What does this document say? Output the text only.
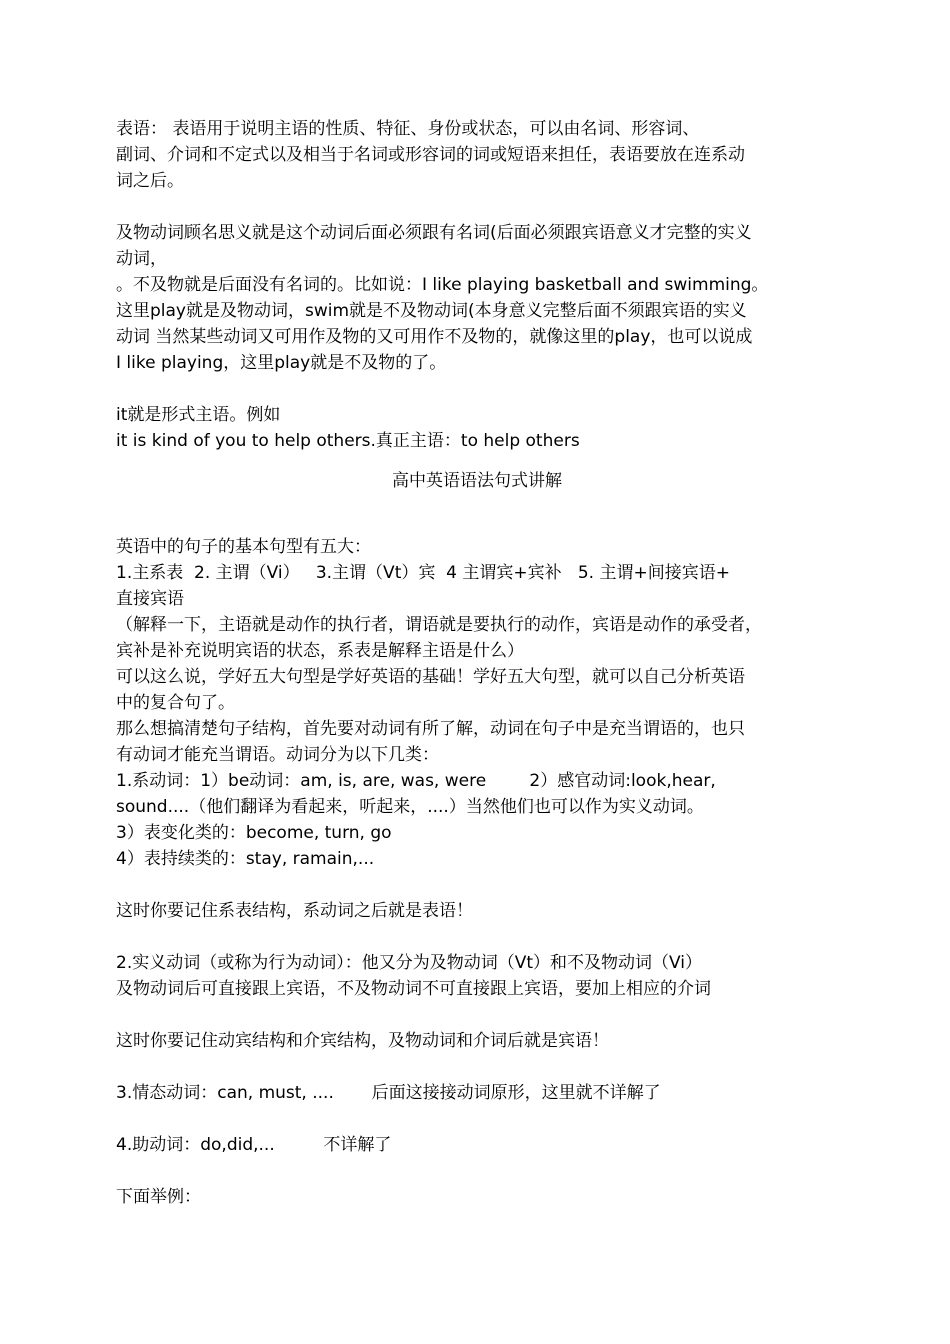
表语： 表语用于说明主语的性质、特征、身份或状态，可以由名词、形容词、

副词、介词和不定式以及相当于名词或形容词的词或短语来担任，表语要放在连系动

词之后。

及物动词顾名思义就是这个动词后面必须跟有名词(后面必须跟宾语意义才完整的实义

动词，

。不及物就是后面没有名词的。比如说：I like playing basketball and swimming。

这里play就是及物动词，swim就是不及物动词(本身意义完整后面不须跟宾语的实义

动词 当然某些动词又可用作及物的又可用作不及物的，就像这里的play，也可以说成

I like playing，这里play就是不及物的了。

it就是形式主语。例如

it is kind of you to help others.真正主语：to help others

高中英语语法句式讲解

英语中的句子的基本句型有五大：

1.主系表  2. 主谓（Vi）   3.主谓（Vt）宾  4 主谓宾+宾补   5. 主谓+间接宾语+

直接宾语

（解释一下，主语就是动作的执行者，谓语就是要执行的动作，宾语是动作的承受者，

宾补是补充说明宾语的状态，系表是解释主语是什么）

可以这么说，学好五大句型是学好英语的基础！学好五大句型，就可以自己分析英语

中的复合句了。

那么想搞清楚句子结构，首先要对动词有所了解，动词在句子中是充当谓语的，也只

有动词才能充当谓语。动词分为以下几类：

1.系动词：1）be动词：am, is, are, was, were        2）感官动词:look,hear,

sound....（他们翻译为看起来，听起来，....）当然他们也可以作为实义动词。

3）表变化类的：become, turn, go

4）表持续类的：stay, ramain,...

这时你要记住系表结构，系动词之后就是表语！

2.实义动词（或称为行为动词）：他又分为及物动词（Vt）和不及物动词（Vi）

及物动词后可直接跟上宾语，不及物动词不可直接跟上宾语，要加上相应的介词

这时你要记住动宾结构和介宾结构，及物动词和介词后就是宾语！

3.情态动词：can, must, ....       后面这接接动词原形，这里就不详解了

4.助动词：do,did,...         不详解了

下面举例：
